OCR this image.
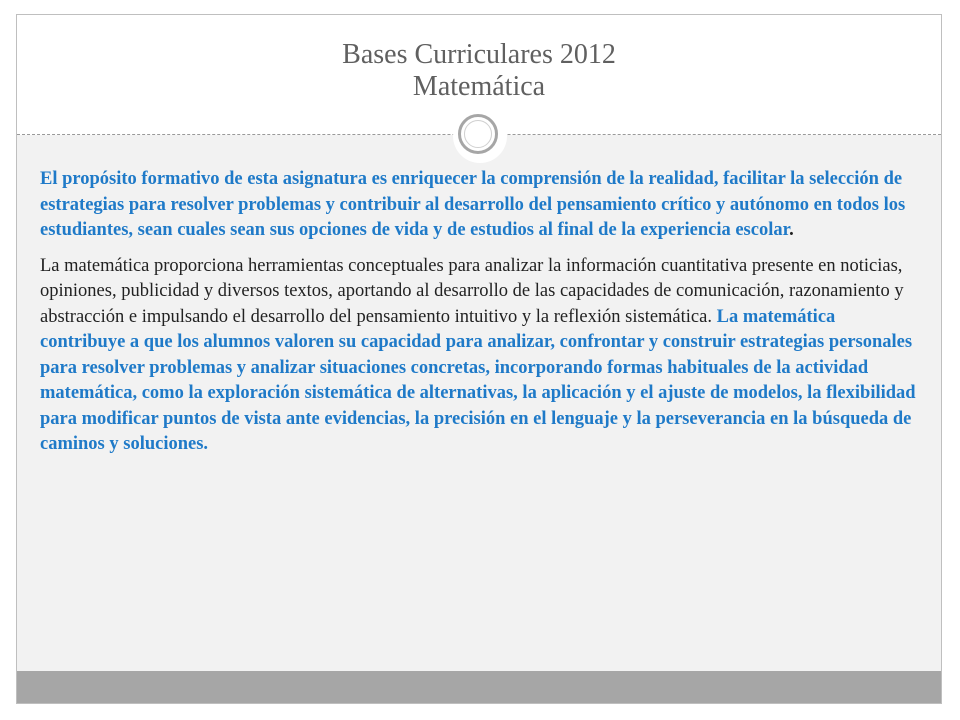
Bases Curriculares 2012
Matemática

El propósito formativo de esta asignatura es enriquecer la comprensión de la realidad, facilitar la selección de estrategias para resolver problemas y contribuir al desarrollo del pensamiento crítico y autónomo en todos los estudiantes, sean cuales sean sus opciones de vida y de estudios al final de la experiencia escolar.

La matemática proporciona herramientas conceptuales para analizar la información cuantitativa presente en noticias, opiniones, publicidad y diversos textos, aportando al desarrollo de las capacidades de comunicación, razonamiento y abstracción e impulsando el desarrollo del pensamiento intuitivo y la reflexión sistemática. La matemática contribuye a que los alumnos valoren su capacidad para analizar, confrontar y construir estrategias personales para resolver problemas y analizar situaciones concretas, incorporando formas habituales de la actividad matemática, como la exploración sistemática de alternativas, la aplicación y el ajuste de modelos, la flexibilidad para modificar puntos de vista ante evidencias, la precisión en el lenguaje y la perseverancia en la búsqueda de caminos y soluciones.
